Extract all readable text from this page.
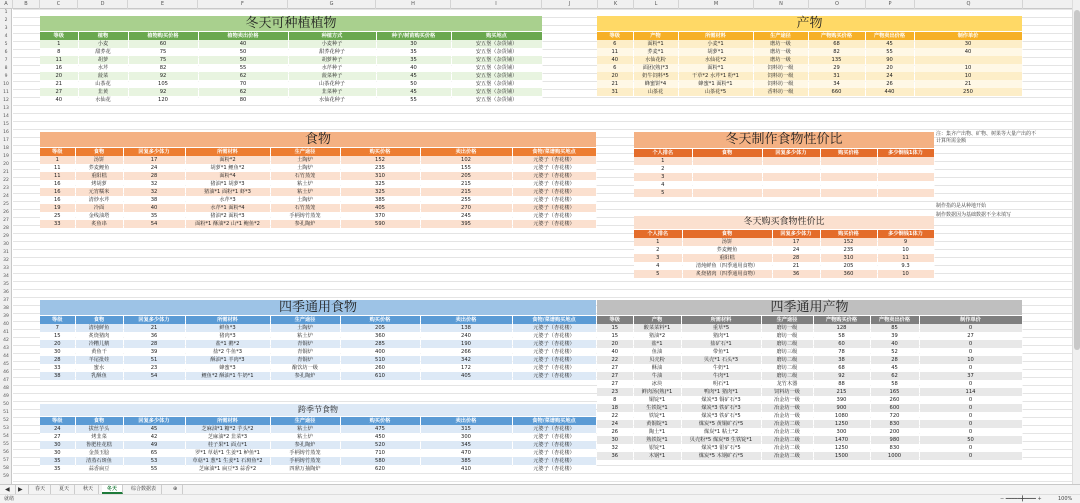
A	B	C	D	E	F	G	H	I	J	K	L	M	N	O	P	Q
1
2
3
4
5
6
7
8
9
10
11
12
13
14
15
16
17
18
19
20
21
22
23
24
25
26
27
28
29
30
31
32
33
34
35
36
37
38
39
40
41
42
43
44
45
46
47
48
49
50
51
52
53
54
55
56
57
58
59
冬天可种植植物
等级	植物	植物购买价格	植物卖出价格	种植方式	种子/树苗购买价格	购买地点
1	小麦	60	40	小麦种子	30	安五堡（杂货铺）
8	甜荞花	75	50	甜荞花种子	35	安五堡（杂货铺）
11	胡萝	75	50	胡萝种子	35	安五堡（杂货铺）
16	水芹	82	55	水芹种子	40	安五堡（杂货铺）
20	菠菜	92	62	菠菜种子	45	安五堡（杂货铺）
21	山茶花	105	70	山茶花种子	50	安五堡（杂货铺）
27	韭黄	92	62	韭菜种子	45	安五堡（杂货铺）
40	水仙花	120	80	水仙花种子	55	安五堡（杂货铺）
产物
等级	产物	所需材料	生产途径	产物购买价格	产物卖出价格	制作单价
6	面粉*1	小麦*1	磨坊一级	68	45	30
11	荞麦*1	胡萝*1	磨坊一级	82	55	40
40	水仙花粉	水仙花*2	磨坊一级	135	90	
6	面团(熟)*3	面粉*1	饲料坊一级	29	20	10
20	奶牛饲料*5	干草*2 水芹*1 粉*1	饲料坊一级	31	24	10
21	蜂蜜饼*4	蜂蜜*1 面粉*1	饲料坊一级	34	26	21
31	山茶花	山茶花*5	香料坊一级	660	440	250
食物
等级	食物	回复多少体力	所需材料	生产途径	购买价格	卖出价格	食物/菜谱购买地点
1	汤饼	17	面粉*2	土陶炉	152	102	元婆子（杏花楼）
11	荞麦鲤鱼	24	胡萝*1 鲤鱼*2	土陶炉	235	155	元婆子（杏花楼）
11	重阳糕	28	面粉*4	石竹蒸笼	310	205	元婆子（杏花楼）
16	烤胡萝	32	猪油*1 胡萝*3	粘土炉	325	215	元婆子（杏花楼）
16	元宵糯米	32	猪油*1 面粉*1 虾*3	粘土炉	325	215	元婆子（杏花楼）
16	清炒水芹	38	水芹*3	土陶炉	385	255	元婆子（杏花楼）
19	冷面	40	水芹*1 面粉*4	石竹蒸笼	405	270	元婆子（杏花楼）
25	金线油塔	35	猪油*2 面粉*3	手柄铸竹蒸笼	370	245	元婆子（杏花楼）
33	炙鱼串	54	面粉*1 酥油*2 山*1 鲍鱼*2	参孔陶炉	590	395	元婆子（杏花楼）
冬天制作食物性价比
个人排名	食物	回复多少体力	购买价格	多少铜钱1体力
1				
2				
3				
4				
5				
冬天购买食物性价比
个人排名	食物	回复多少体力	购买价格	多少铜钱1体力
1	汤饼	17	152	9
2	荞麦鲤鱼	24	235	10
3	重阳糕	28	310	11
4	清炖鲜鱼（四季通用食物）	21	205	9.3
5	炙烧猪肉（四季通用食物）	36	360	10
注：集齐产出物、矿物、树果等大量产出的不计算所需金额
制作指的是从种地开始
制作数据因为基础数据不全未填写
四季通用食物
等级	食物	回复多少体力	所需材料	生产途径	购买价格	卖出价格	食物/菜谱购买地点
7	清炖鲜鱼	21	鲜鱼*3	土陶炉	205	138	元婆子（杏花楼）
15	炙烧猪肉	36	猪肉*3	粘土炉	360	240	元婆子（杏花楼）
20	冷糟儿鹅	28	盐*1 鹅*2	青铜炉	285	190	元婆子（杏花楼）
30	黄鱼干	39	盐*2 牛鱼*3	青铜炉	400	266	元婆子（杏花楼）
28	羊尾批娃	51	酥油*1 羊肉*3	青铜炉	510	342	元婆子（杏花楼）
33	蜜水	23	蜂蜜*3	酿饮坊一级	260	172	元婆子（杏花楼）
38	乳酥鱼	54	鲤鱼*2 酥油*1 牛奶*1	参孔陶炉	610	405	元婆子（杏花楼）
跨季节食物
等级	食物	回复多少体力	所需材料	生产途径	购买价格	卖出价格	食物/菜谱购买地点
24	拔丝芋头	45	芝麻油*1 糖*2 芋头*2	粘土炉	475	315	元婆子（杏花楼）
27	烤韭菜	42	芝麻油*2 韭菜*3	粘土炉	450	300	元婆子（杏花楼）
30	鲁肥桂花糕	49	桂子果*1 面点*1	参孔陶炉	520	345	元婆子（杏花楼）
30	金蒸玉脍	65	罗*1 草菇*1 生姜*1 鲈鱼*1	手柄铸竹蒸笼	710	470	元婆子（杏花楼）
35	清蒸石斑鱼	53	草菇*1 葱*1 生姜*1 石斑鱼*2	手柄铸竹蒸笼	580	385	元婆子（杏花楼）
35	蒜香扁豆	55	芝麻油*1 扁豆*3 蒜香*2	四鼎万抽陶炉	620	410	元婆子（杏花楼）
四季通用产物
等级	产物	所需材料	生产途径	产物购买价格	产物卖出价格	制作单价
15	酸菜菜料*1	重草*5	磨坊一级	128	85	0
15	猪油*2	猪肉*1	磨坊一级	58	39	27
20	盐*1	盐矿石*1	磨坊二级	60	40	0
40	鱼油	带鱼*1	磨坊三级	78	52	0
22	贝壳粉	贝壳*1 石头*3	磨坊二级	38	28	10
27	酥油	牛奶*1	磨坊二级	68	45	0
27	牛油	牛肉*1	磨坊二级	92	62	37
27	冰块	明石*1	龙竹木器	88	58	0
23	鲜肉汤(熟)*1	鸭肉*1 猪肉*1	饲料坊一级	215	165	114
8	铜锭*1	煤炭*3 铜矿石*3	冶金坊一级	390	260	0
18	生铁锭*1	煤炭*3 铁矿石*3	冶金坊一级	900	600	0
22	铁锭*1	煤炭*3 铁矿石*5	冶金坊一级	1080	720	0
24	黄铜锭*1	煤炭*5 黄铜矿石*5	冶金坊二级	1250	830	0
26	陶土*1	煤炭*1 粘土*2	冶金坊二级	300	200	0
30	熟铁锭*1	贝壳粉*5 煤炭*8 生铁锭*1	冶金坊二级	1470	980	50
32	银锭*1	煤炭*3 银矿石*5	冶金坊二级	1250	830	0
36	木钢*1	煤炭*5 木钢矿石*5	冶金坊二级	1500	1000	0
◀	▶	春天	夏天	秋天	冬天	综合数据表	⊕
就绪	− ━━━━━╋━━━━ +	100%
